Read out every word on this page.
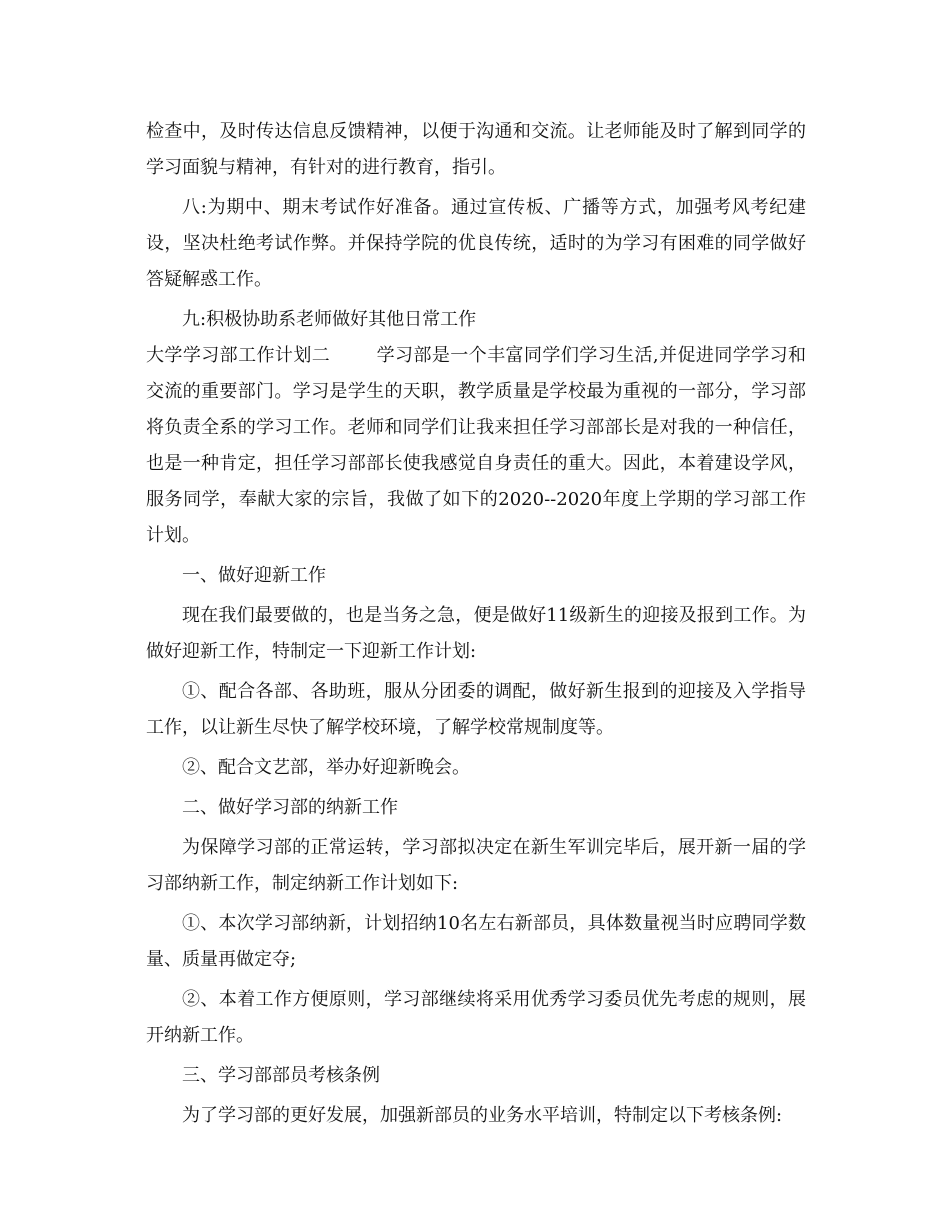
检查中，及时传达信息反馈精神，以便于沟通和交流。让老师能及时了解到同学的学习面貌与精神，有针对的进行教育，指引。

八:为期中、期末考试作好准备。通过宣传板、广播等方式，加强考风考纪建设，坚决杜绝考试作弊。并保持学院的优良传统，适时的为学习有困难的同学做好答疑解惑工作。

九:积极协助系老师做好其他日常工作

大学学习部工作计划二	学习部是一个丰富同学们学习生活,并促进同学学习和交流的重要部门。学习是学生的天职，教学质量是学校最为重视的一部分，学习部将负责全系的学习工作。老师和同学们让我来担任学习部部长是对我的一种信任，也是一种肯定，担任学习部部长使我感觉自身责任的重大。因此，本着建设学风，服务同学，奉献大家的宗旨，我做了如下的2020--2020年度上学期的学习部工作计划。

一、做好迎新工作

现在我们最要做的，也是当务之急，便是做好11级新生的迎接及报到工作。为做好迎新工作，特制定一下迎新工作计划:

①、配合各部、各助班，服从分团委的调配，做好新生报到的迎接及入学指导工作，以让新生尽快了解学校环境，了解学校常规制度等。

②、配合文艺部，举办好迎新晚会。

二、做好学习部的纳新工作

为保障学习部的正常运转，学习部拟决定在新生军训完毕后，展开新一届的学习部纳新工作，制定纳新工作计划如下:

①、本次学习部纳新，计划招纳10名左右新部员，具体数量视当时应聘同学数量、质量再做定夺;

②、本着工作方便原则，学习部继续将采用优秀学习委员优先考虑的规则，展开纳新工作。

三、学习部部员考核条例

为了学习部的更好发展，加强新部员的业务水平培训，特制定以下考核条例:
